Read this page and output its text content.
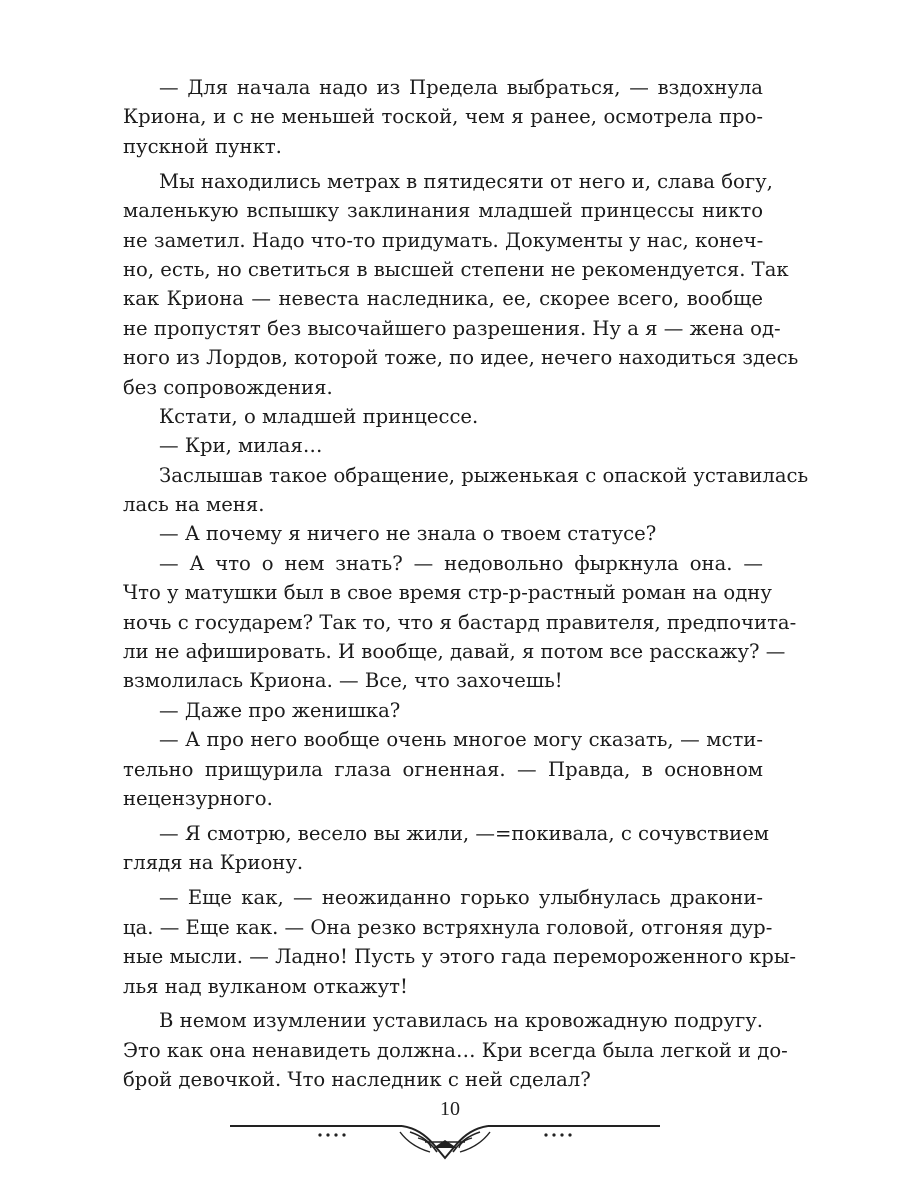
— Для начала надо из Предела выбраться, — вздохнула
Криона, и с не меньшей тоской, чем я ранее, осмотрела про-
пускной пункт.
Мы находились метрах в пятидесяти от него и, слава богу,
маленькую вспышку заклинания младшей принцессы никто
не заметил. Надо что-то придумать. Документы у нас, конеч-
но, есть, но светиться в высшей степени не рекомендуется. Так
как Криона — невеста наследника, ее, скорее всего, вообще
не пропустят без высочайшего разрешения. Ну а я — жена од-
ного из Лордов, которой тоже, по идее, нечего находиться здесь
без сопровождения.
Кстати, о младшей принцессе.
— Кри, милая…
Заслышав такое обращение, рыженькая с опаской уставилась
лась на меня.
— А почему я ничего не знала о твоем статусе?
— А что о нем знать? — недовольно фыркнула она. —
Что у матушки был в свое время стр-р-растный роман на одну
ночь с государем? Так то, что я бастард правителя, предпочита-
ли не афишировать. И вообще, давай, я потом все расскажу? —
взмолилась Криона. — Все, что захочешь!
— Даже про женишка?
— А про него вообще очень многое могу сказать, — мсти-
тельно прищурила глаза огненная. — Правда, в основном
нецензурного.
— Я смотрю, весело вы жили, —=покивала, с сочувствием
глядя на Криону.
— Еще как, — неожиданно горько улыбнулась дракони-
ца. — Еще как. — Она резко встряхнула головой, отгоняя дур-
ные мысли. — Ладно! Пусть у этого гада перемороженного кры-
лья над вулканом откажут!
В немом изумлении уставилась на кровожадную подругу.
Это как она ненавидеть должна… Кри всегда была легкой и до-
брой девочкой. Что наследник с ней сделал?
10
